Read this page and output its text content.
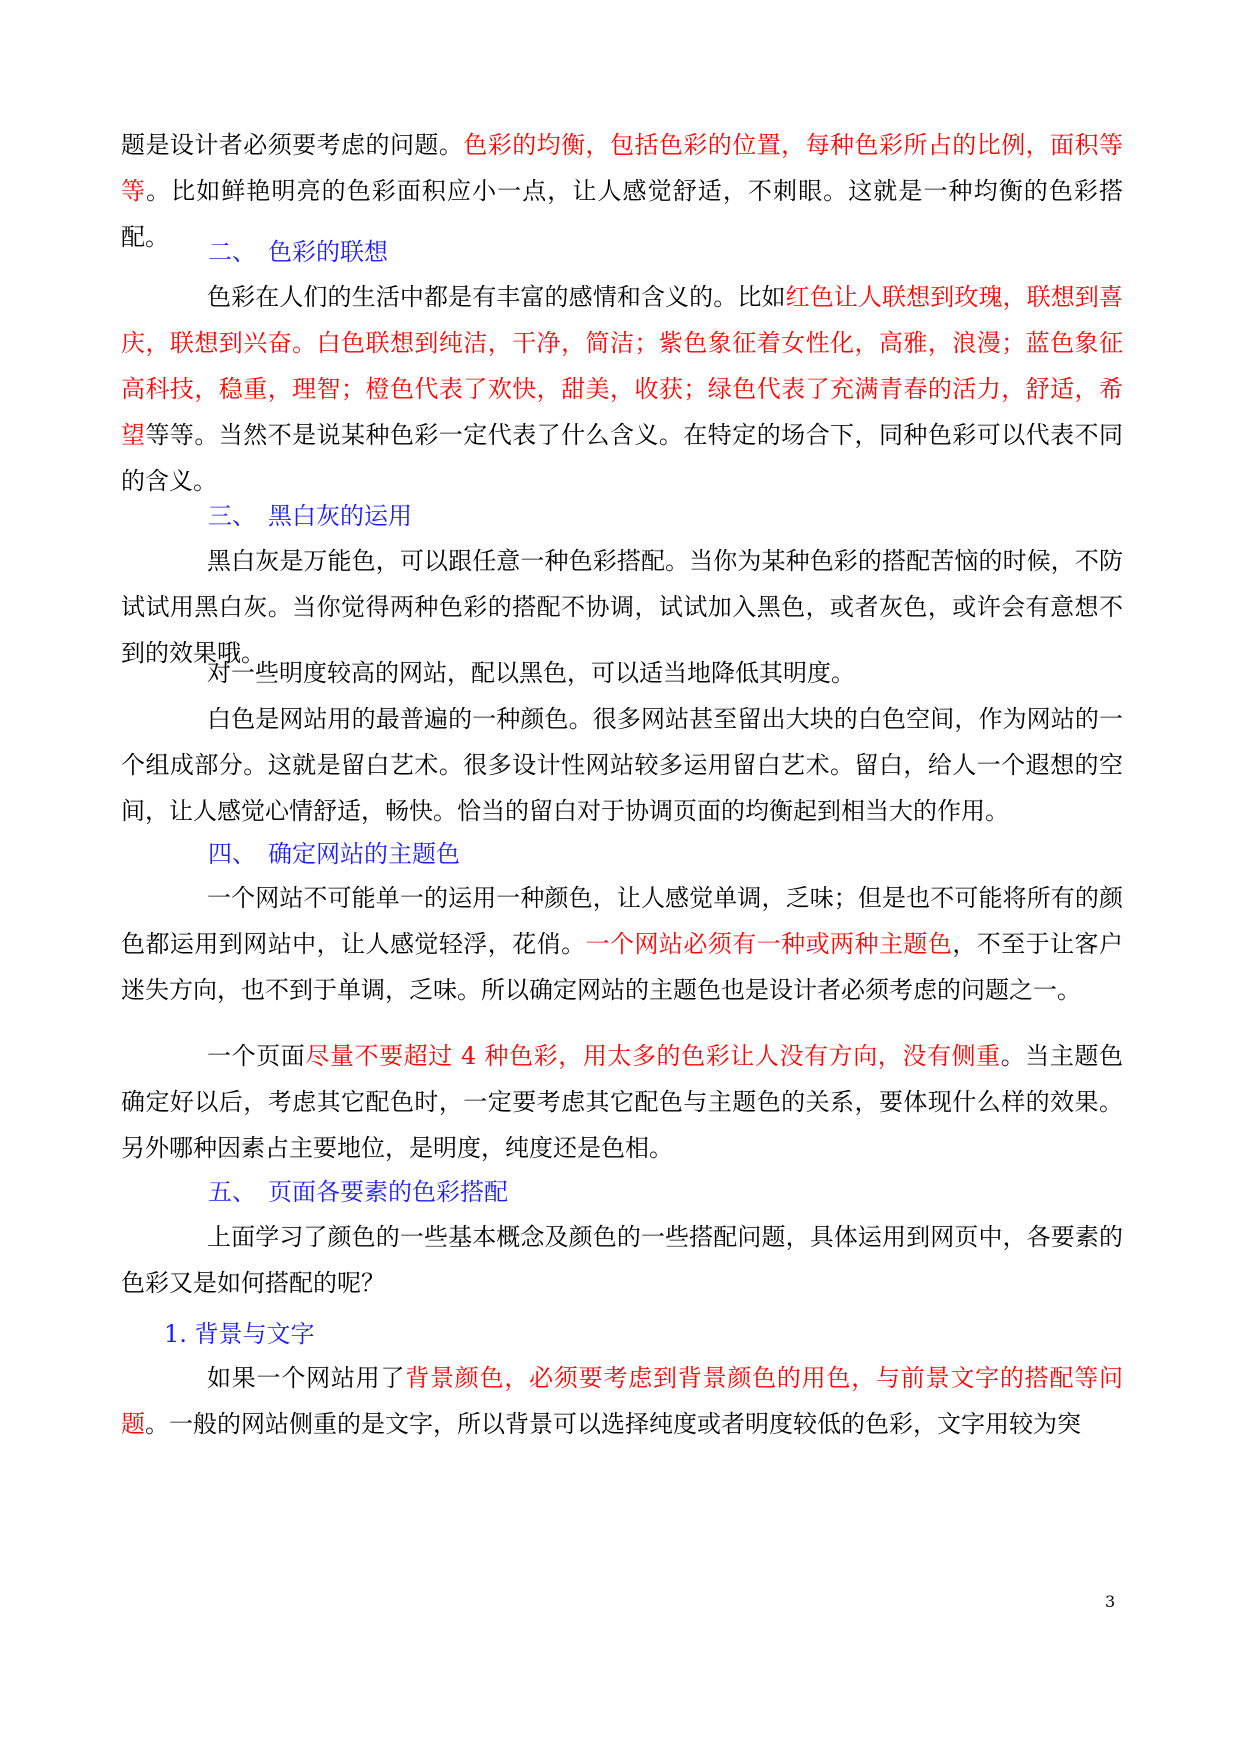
题是设计者必须要考虑的问题。色彩的均衡，包括色彩的位置，每种色彩所占的比例，面积等等。比如鲜艳明亮的色彩面积应小一点，让人感觉舒适，不刺眼。这就是一种均衡的色彩搭配。

二、 色彩的联想

色彩在人们的生活中都是有丰富的感情和含义的。比如红色让人联想到玫瑰，联想到喜庆，联想到兴奋。白色联想到纯洁，干净，简洁；紫色象征着女性化，高雅，浪漫；蓝色象征高科技，稳重，理智；橙色代表了欢快，甜美，收获；绿色代表了充满青春的活力，舒适，希望等等。当然不是说某种色彩一定代表了什么含义。在特定的场合下，同种色彩可以代表不同的含义。

三、 黑白灰的运用

黑白灰是万能色，可以跟任意一种色彩搭配。当你为某种色彩的搭配苦恼的时候，不防试试用黑白灰。当你觉得两种色彩的搭配不协调，试试加入黑色，或者灰色，或许会有意想不到的效果哦。

对一些明度较高的网站，配以黑色，可以适当地降低其明度。

白色是网站用的最普遍的一种颜色。很多网站甚至留出大块的白色空间，作为网站的一个组成部分。这就是留白艺术。很多设计性网站较多运用留白艺术。留白，给人一个遐想的空间，让人感觉心情舒适，畅快。恰当的留白对于协调页面的均衡起到相当大的作用。

四、 确定网站的主题色

一个网站不可能单一的运用一种颜色，让人感觉单调，乏味；但是也不可能将所有的颜色都运用到网站中，让人感觉轻浮，花俏。一个网站必须有一种或两种主题色，不至于让客户迷失方向，也不到于单调，乏味。所以确定网站的主题色也是设计者必须考虑的问题之一。

一个页面尽量不要超过 4 种色彩，用太多的色彩让人没有方向，没有侧重。当主题色确定好以后，考虑其它配色时，一定要考虑其它配色与主题色的关系，要体现什么样的效果。另外哪种因素占主要地位，是明度，纯度还是色相。

五、 页面各要素的色彩搭配

上面学习了颜色的一些基本概念及颜色的一些搭配问题，具体运用到网页中，各要素的色彩又是如何搭配的呢？

1. 背景与文字

如果一个网站用了背景颜色，必须要考虑到背景颜色的用色，与前景文字的搭配等问题。一般的网站侧重的是文字，所以背景可以选择纯度或者明度较低的色彩，文字用较为突

3
